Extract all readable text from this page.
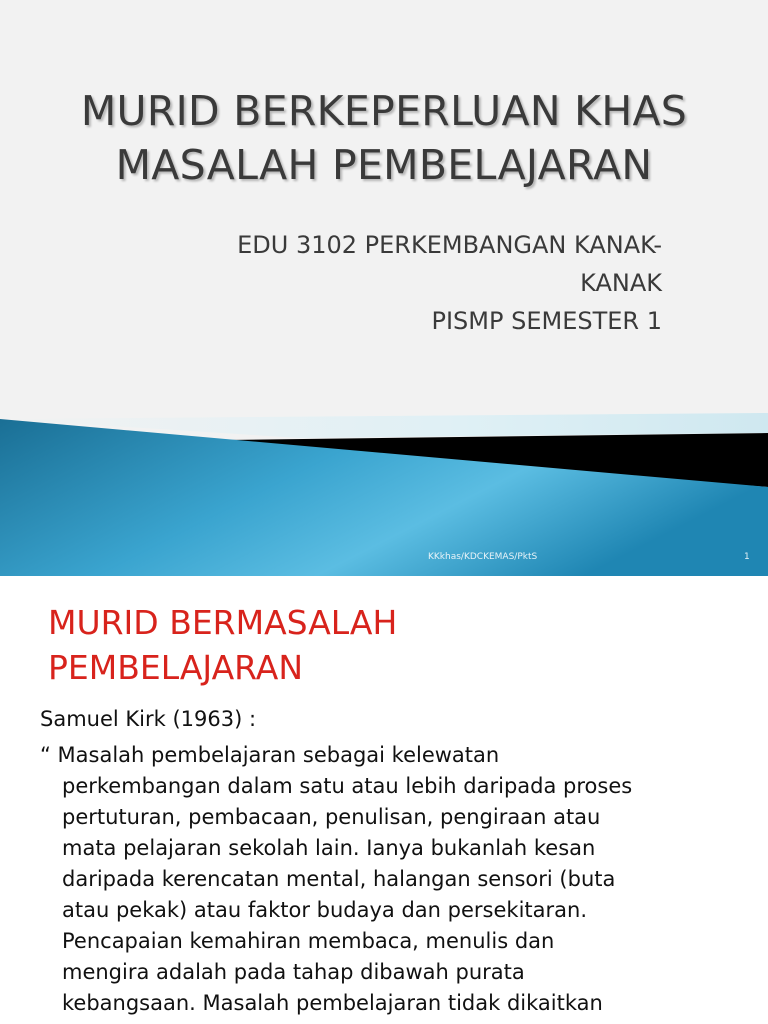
MURID BERKEPERLUAN KHAS
MASALAH PEMBELAJARAN
EDU 3102 PERKEMBANGAN KANAK-
KANAK
PISMP SEMESTER 1
KKkhas/KDCKEMAS/PktS	1
MURID BERMASALAH
PEMBELAJARAN
Samuel Kirk (1963) :
“ Masalah pembelajaran sebagai kelewatan
perkembangan dalam satu atau lebih daripada proses
pertuturan, pembacaan, penulisan, pengiraan atau
mata pelajaran sekolah lain. Ianya bukanlah kesan
daripada kerencatan mental, halangan sensori (buta
atau pekak) atau faktor budaya dan persekitaran.
Pencapaian kemahiran membaca, menulis dan
mengira adalah pada tahap dibawah purata
kebangsaan. Masalah pembelajaran tidak dikaitkan
